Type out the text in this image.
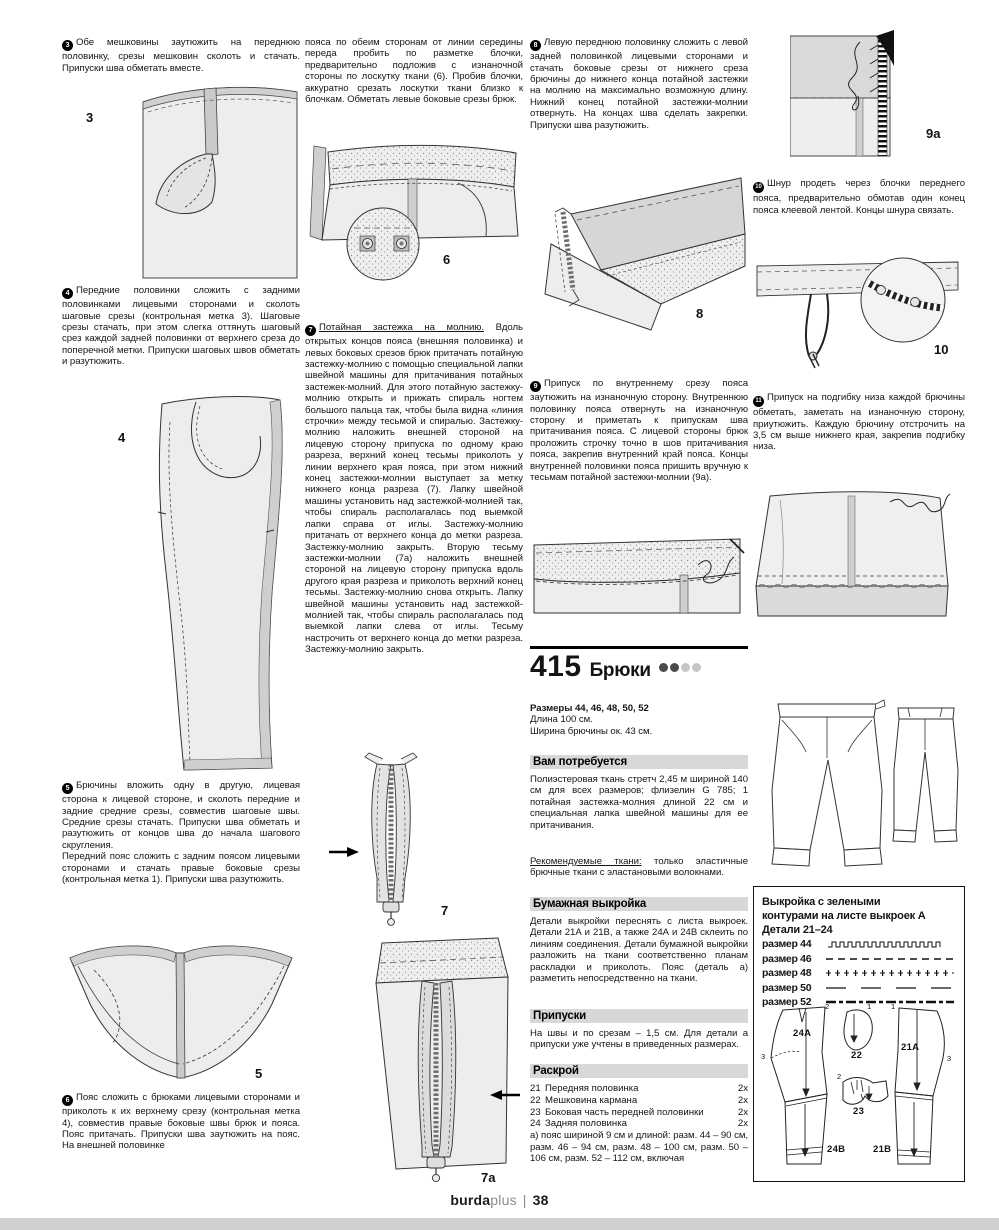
3 Обе мешковины заутюжить на переднюю половинку, срезы мешковин сколоть и стачать. Припуски шва обметать вместе.
3
4 Передние половинки сложить с задними половинками лицевыми сторонами и сколоть шаговые срезы (контрольная метка 3). Шаговые срезы стачать, при этом слегка оттянуть шаговый срез каждой задней половинки от верхнего среза до поперечной метки. Припуски шаговых швов обметать и разутюжить.
4

5 Брючины вложить одну в другую, лицевая сторона к лицевой стороне, и сколоть передние и задние средние срезы, совместив шаговые швы. Средние срезы стачать. Припуски шва обметать и разутюжить от концов шва до начала шагового скругления.

Передний пояс сложить с задним поясом лицевыми сторонами и стачать правые боковые срезы (контрольная метка 1). Припуски шва разутюжить.

5
6 Пояс сложить с брюками лицевыми сторонами и приколоть к их верхнему срезу (контрольная метка 4), совместив правые боковые швы брюк и пояса. Пояс притачать. Припуски шва заутюжить на пояс. На внешней половинке
пояса по обеим сторонам от линии середины переда пробить по разметке блочки, предварительно подложив с изнаночной стороны по лоскутку ткани (6). Пробив блочки, аккуратно срезать лоскутки ткани близко к блочкам. Обметать левые боковые срезы брюк.
6
7 Потайная застежка на молнию. Вдоль открытых концов пояса (внешняя половинка) и левых боковых срезов брюк притачать потайную застежку-молнию с помощью специальной лапки швейной машины для притачивания потайных застежек-молний. Для этого потайную застежку-молнию открыть и прижать спираль ногтем большого пальца так, чтобы была видна «линия строчки» между тесьмой и спиралью. Застежку-молнию наложить внешней стороной на лицевую сторону припуска по одному краю разреза, верхний конец тесьмы приколоть у линии верхнего края пояса, при этом нижний конец застежки-молнии выступает за метку нижнего конца разреза (7). Лапку швейной машины установить над застежкой-молнией так, чтобы спираль располагалась под выемкой лапки справа от иглы. Застежку-молнию притачать от верхнего конца до метки разреза. Застежку-молнию закрыть. Вторую тесьму застежки-молнии (7а) наложить внешней стороной на лицевую сторону припуска вдоль другого края разреза и приколоть верхний конец тесьмы. Застежку-молнию снова открыть. Лапку швейной машины установить над застежкой-молнией так, чтобы спираль располагалась под выемкой лапки слева от иглы. Тесьму настрочить от верхнего конца до метки разреза. Застежку-молнию закрыть.
7
7a
8 Левую переднюю половинку сложить с левой задней половинкой лицевыми сторонами и стачать боковые срезы от нижнего среза брючины до нижнего конца потайной застежки на молнию на максимально возможную длину. Нижний конец потайной застежки-молнии отвернуть. На концах шва сделать закрепки. Припуски шва разутюжить.
8
9 Припуск по внутреннему срезу пояса заутюжить на изнаночную сторону. Внутреннюю половинку пояса отвернуть на изнаночную сторону и приметать к припускам шва притачивания пояса. С лицевой стороны брюк проложить строчку точно в шов притачивания пояса, закрепив внутренний край пояса. Концы внутренней половинки пояса пришить вручную к тесьмам потайной застежки-молнии (9а).
415 Брюки
Размеры 44, 46, 48, 50, 52
Длина 100 см.
Ширина брючины ок. 43 см.
Вам потребуется
Полиэстеровая ткань стретч 2,45 м шириной 140 см для всех размеров; флизелин G 785; 1 потайная застежка-молния длиной 22 см и специальная лапка швейной машины для ее притачивания.
Рекомендуемые ткани: только эластичные брючные ткани с эластановыми волокнами.
Бумажная выкройка
Детали выкройки переснять с листа выкроек. Детали 21А и 21В, а также 24А и 24В склеить по линиям соединения. Детали бумажной выкройки разложить на ткани соответственно планам раскладки и приколоть. Пояс (деталь а) разметить непосредственно на ткани.
Припуски
На швы и по срезам – 1,5 см. Для детали а припуски уже учтены в приведенных размерах.
Раскрой
21 Передняя половинка	2x
22 Мешковина кармана	2x
23 Боковая часть передней половинки	2x
24 Задняя половинка	2x
а) пояс шириной 9 см и длиной: разм. 44 – 90 см, разм. 46 – 94 см, разм. 48 – 100 см, разм. 50 – 106 см, разм. 52 – 112 см, включая
9a
10 Шнур продеть через блочки переднего пояса, предварительно обмотав один конец пояса клеевой лентой. Концы шнура связать.
10
11 Припуск на подгибку низа каждой брючины обметать, заметать на изнаночную сторону, приутюжить. Каждую брючину отстрочить на 3,5 см выше нижнего края, закрепив подгибку низа.
Выкройка с зелеными
контурами на листе выкроек А
Детали 21–24
размер 44
размер 46
размер 48
размер 50
размер 52
24A
22
21A
23
24B	21B
2
3
1	1
3
2
burdaplus | 38
